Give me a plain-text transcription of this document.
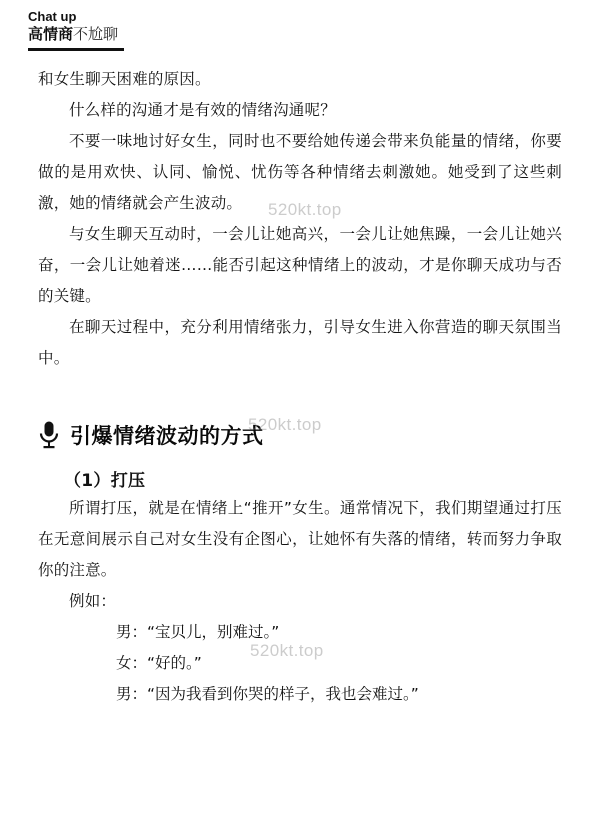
Chat up
高情商不尬聊

和女生聊天困难的原因。

什么样的沟通才是有效的情绪沟通呢？

不要一味地讨好女生，同时也不要给她传递会带来负能量的情绪，你要做的是用欢快、认同、愉悦、忧伤等各种情绪去刺激她。她受到了这些刺激，她的情绪就会产生波动。

与女生聊天互动时，一会儿让她高兴，一会儿让她焦躁，一会儿让她兴奋，一会儿让她着迷……能否引起这种情绪上的波动，才是你聊天成功与否的关键。

在聊天过程中，充分利用情绪张力，引导女生进入你营造的聊天氛围当中。

引爆情绪波动的方式
（1）打压

所谓打压，就是在情绪上“推开”女生。通常情况下，我们期望通过打压在无意间展示自己对女生没有企图心，让她怀有失落的情绪，转而努力争取你的注意。

例如：

男：“宝贝儿，别难过。”

女：“好的。”

男：“因为我看到你哭的样子，我也会难过。”

520kt.top
520kt.top
520kt.top
